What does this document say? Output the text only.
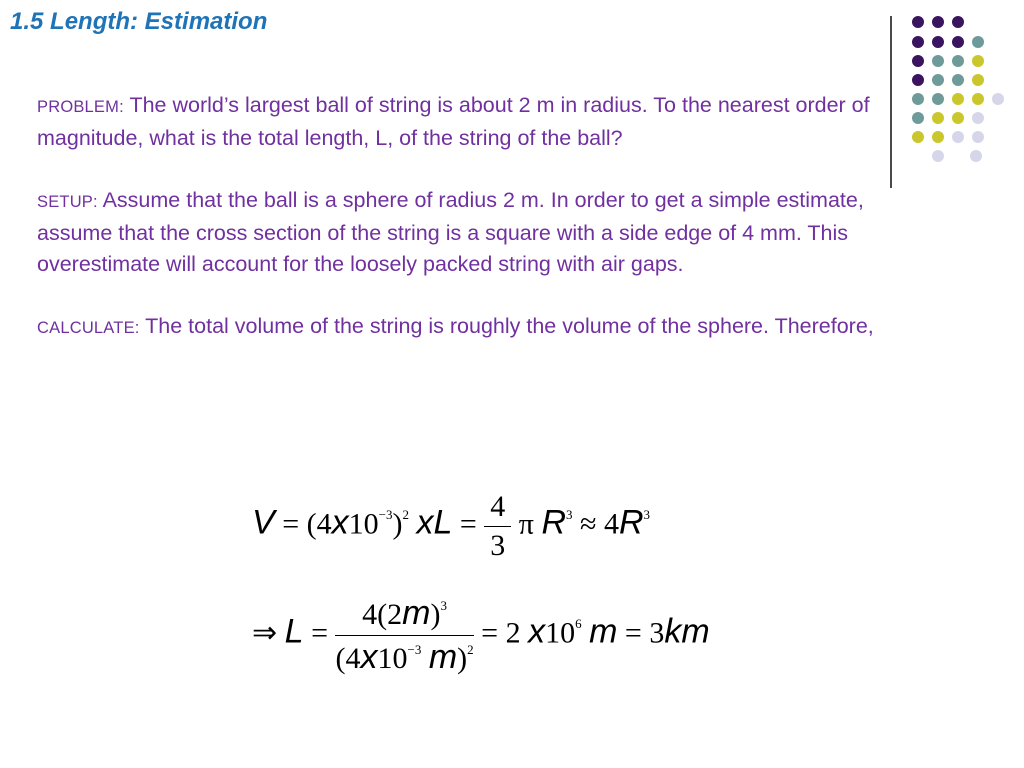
1.5 Length: Estimation

PROBLEM: The world’s largest ball of string is about 2 m in radius. To the nearest order of magnitude, what is the total length, L, of the string of the ball?

SETUP: Assume that the ball is a sphere of radius 2 m. In order to get a simple estimate, assume that the cross section of the string is a square with a side edge of 4 mm. This overestimate will account for the loosely packed string with air gaps.

CALCULATE: The total volume of the string is roughly the volume of the sphere. Therefore,

$V = (4x10^{-3})^2$ xL = $\frac{4}{3}$ π $R^3 \approx 4R^3$
⇒ $L = \frac{4(2m)^3}{(4x10^{-3} m)^2} = 2$ $x10^6$ m = 3km
